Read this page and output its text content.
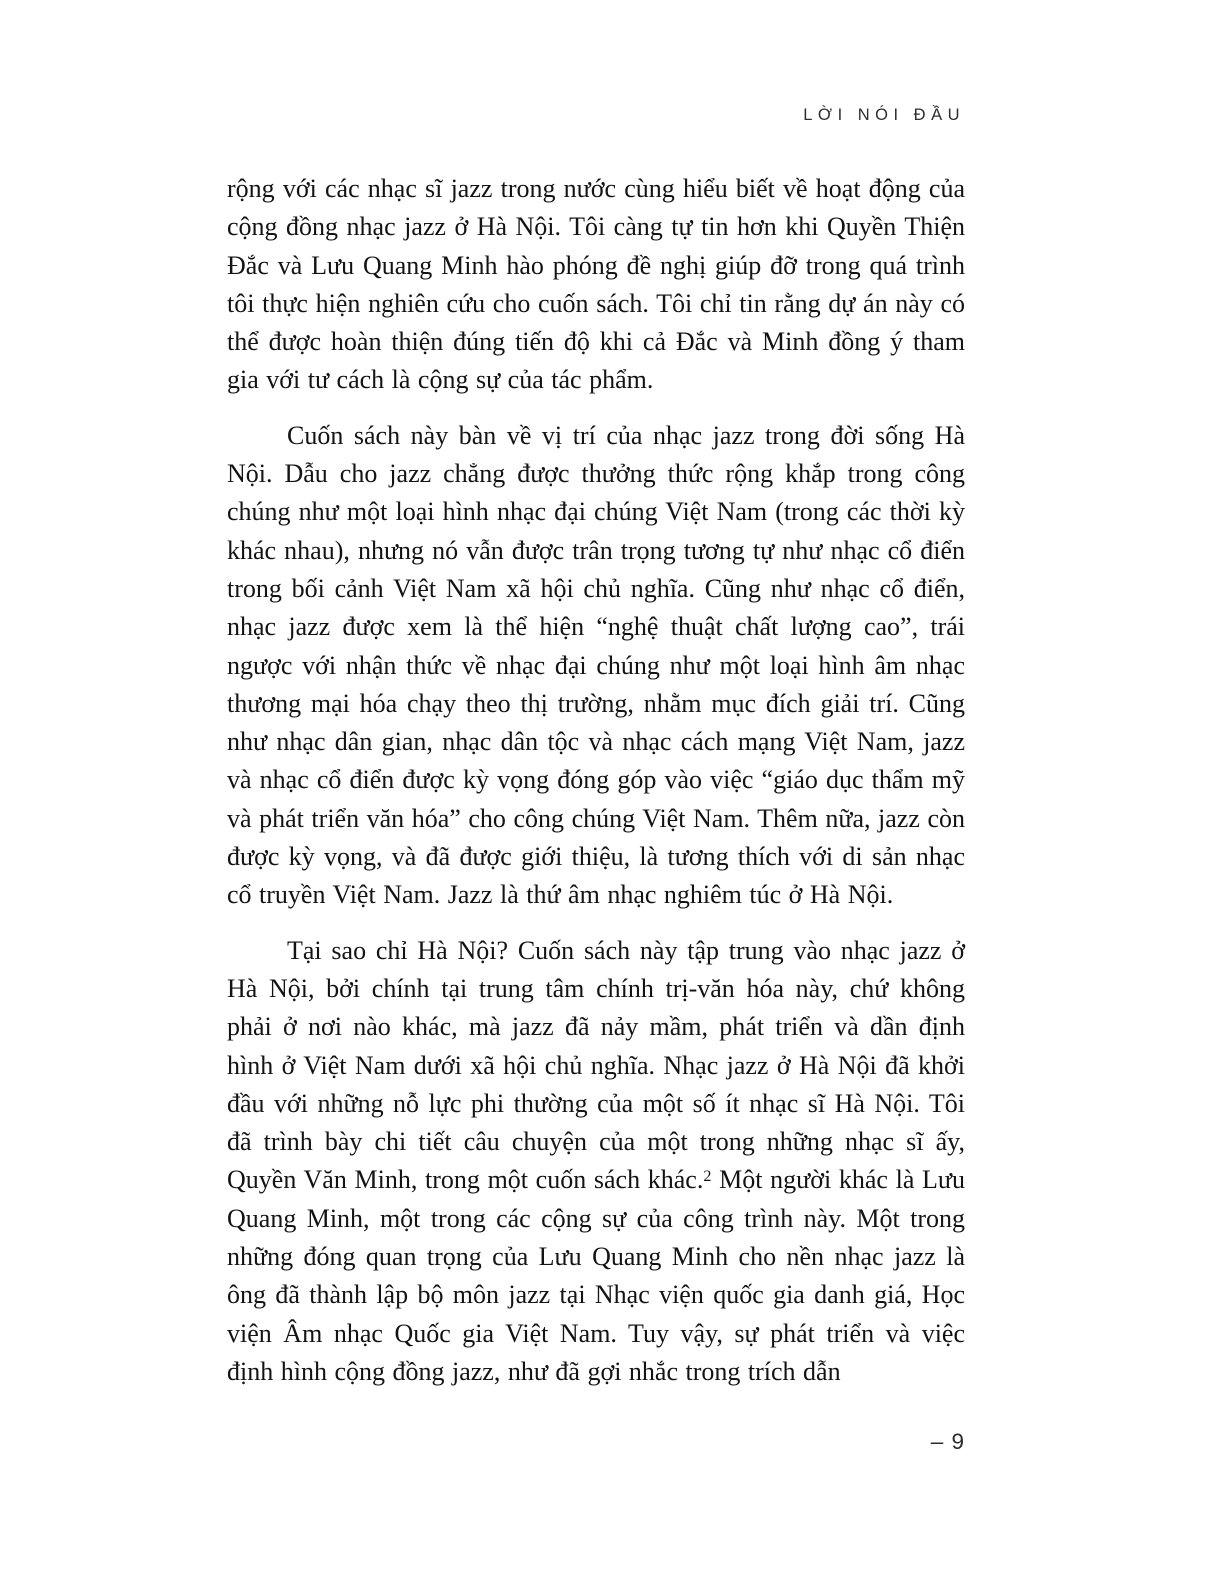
LỜI NÓI ĐẦU

rộng với các nhạc sĩ jazz trong nước cùng hiểu biết về hoạt động của cộng đồng nhạc jazz ở Hà Nội. Tôi càng tự tin hơn khi Quyền Thiện Đắc và Lưu Quang Minh hào phóng đề nghị giúp đỡ trong quá trình tôi thực hiện nghiên cứu cho cuốn sách. Tôi chỉ tin rằng dự án này có thể được hoàn thiện đúng tiến độ khi cả Đắc và Minh đồng ý tham gia với tư cách là cộng sự của tác phẩm.

Cuốn sách này bàn về vị trí của nhạc jazz trong đời sống Hà Nội. Dẫu cho jazz chẳng được thưởng thức rộng khắp trong công chúng như một loại hình nhạc đại chúng Việt Nam (trong các thời kỳ khác nhau), nhưng nó vẫn được trân trọng tương tự như nhạc cổ điển trong bối cảnh Việt Nam xã hội chủ nghĩa. Cũng như nhạc cổ điển, nhạc jazz được xem là thể hiện “nghệ thuật chất lượng cao”, trái ngược với nhận thức về nhạc đại chúng như một loại hình âm nhạc thương mại hóa chạy theo thị trường, nhằm mục đích giải trí. Cũng như nhạc dân gian, nhạc dân tộc và nhạc cách mạng Việt Nam, jazz và nhạc cổ điển được kỳ vọng đóng góp vào việc “giáo dục thẩm mỹ và phát triển văn hóa” cho công chúng Việt Nam. Thêm nữa, jazz còn được kỳ vọng, và đã được giới thiệu, là tương thích với di sản nhạc cổ truyền Việt Nam. Jazz là thứ âm nhạc nghiêm túc ở Hà Nội.

Tại sao chỉ Hà Nội? Cuốn sách này tập trung vào nhạc jazz ở Hà Nội, bởi chính tại trung tâm chính trị-văn hóa này, chứ không phải ở nơi nào khác, mà jazz đã nảy mầm, phát triển và dần định hình ở Việt Nam dưới xã hội chủ nghĩa. Nhạc jazz ở Hà Nội đã khởi đầu với những nỗ lực phi thường của một số ít nhạc sĩ Hà Nội. Tôi đã trình bày chi tiết câu chuyện của một trong những nhạc sĩ ấy, Quyền Văn Minh, trong một cuốn sách khác.$^2$ Một người khác là Lưu Quang Minh, một trong các cộng sự của công trình này. Một trong những đóng quan trọng của Lưu Quang Minh cho nền nhạc jazz là ông đã thành lập bộ môn jazz tại Nhạc viện quốc gia danh giá, Học viện Âm nhạc Quốc gia Việt Nam. Tuy vậy, sự phát triển và việc định hình cộng đồng jazz, như đã gợi nhắc trong trích dẫn

– 9
